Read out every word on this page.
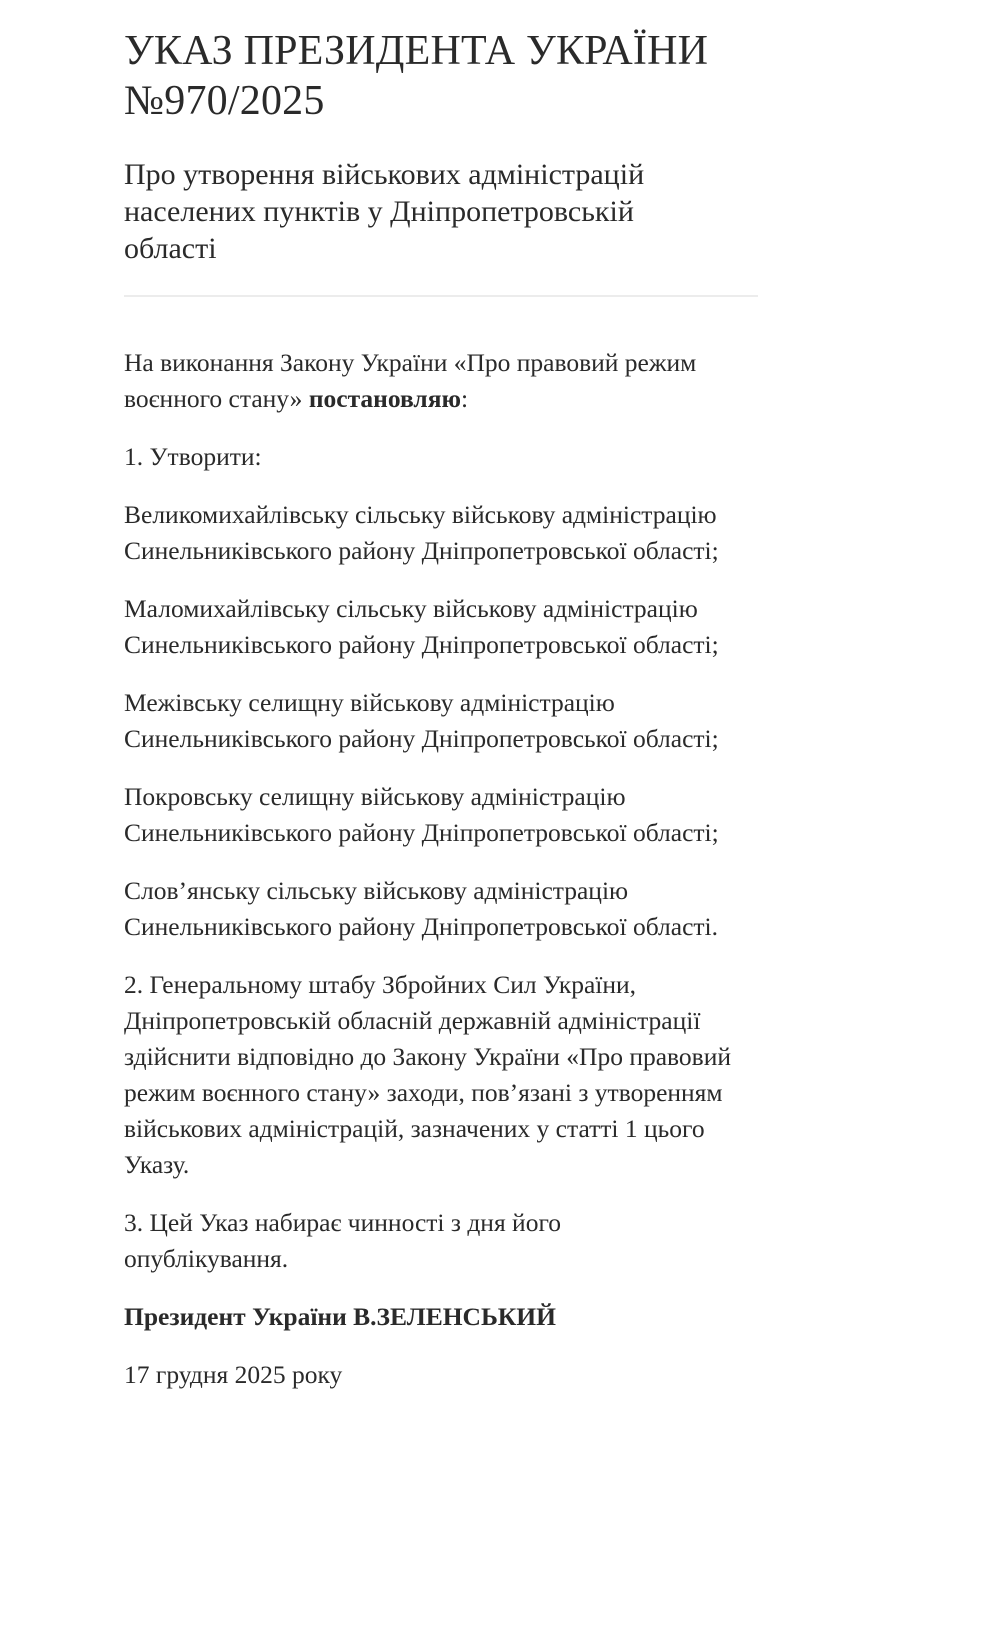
УКАЗ ПРЕЗИДЕНТА УКРАЇНИ
№970/2025
Про утворення військових адміністрацій населених пунктів у Дніпропетровській області

На виконання Закону України «Про правовий режим воєнного стану» постановляю:

1. Утворити:

Великомихайлівську сільську військову адміністрацію Синельниківського району Дніпропетровської області;

Маломихайлівську сільську військову адміністрацію Синельниківського району Дніпропетровської області;

Межівську селищну військову адміністрацію Синельниківського району Дніпропетровської області;

Покровську селищну військову адміністрацію Синельниківського району Дніпропетровської області;

Слов’янську сільську військову адміністрацію Синельниківського району Дніпропетровської області.

2. Генеральному штабу Збройних Сил України, Дніпропетровській обласній державній адміністрації здійснити відповідно до Закону України «Про правовий режим воєнного стану» заходи, пов’язані з утворенням військових адміністрацій, зазначених у статті 1 цього Указу.

3. Цей Указ набирає чинності з дня його опублікування.

Президент України В.ЗЕЛЕНСЬКИЙ

17 грудня 2025 року
